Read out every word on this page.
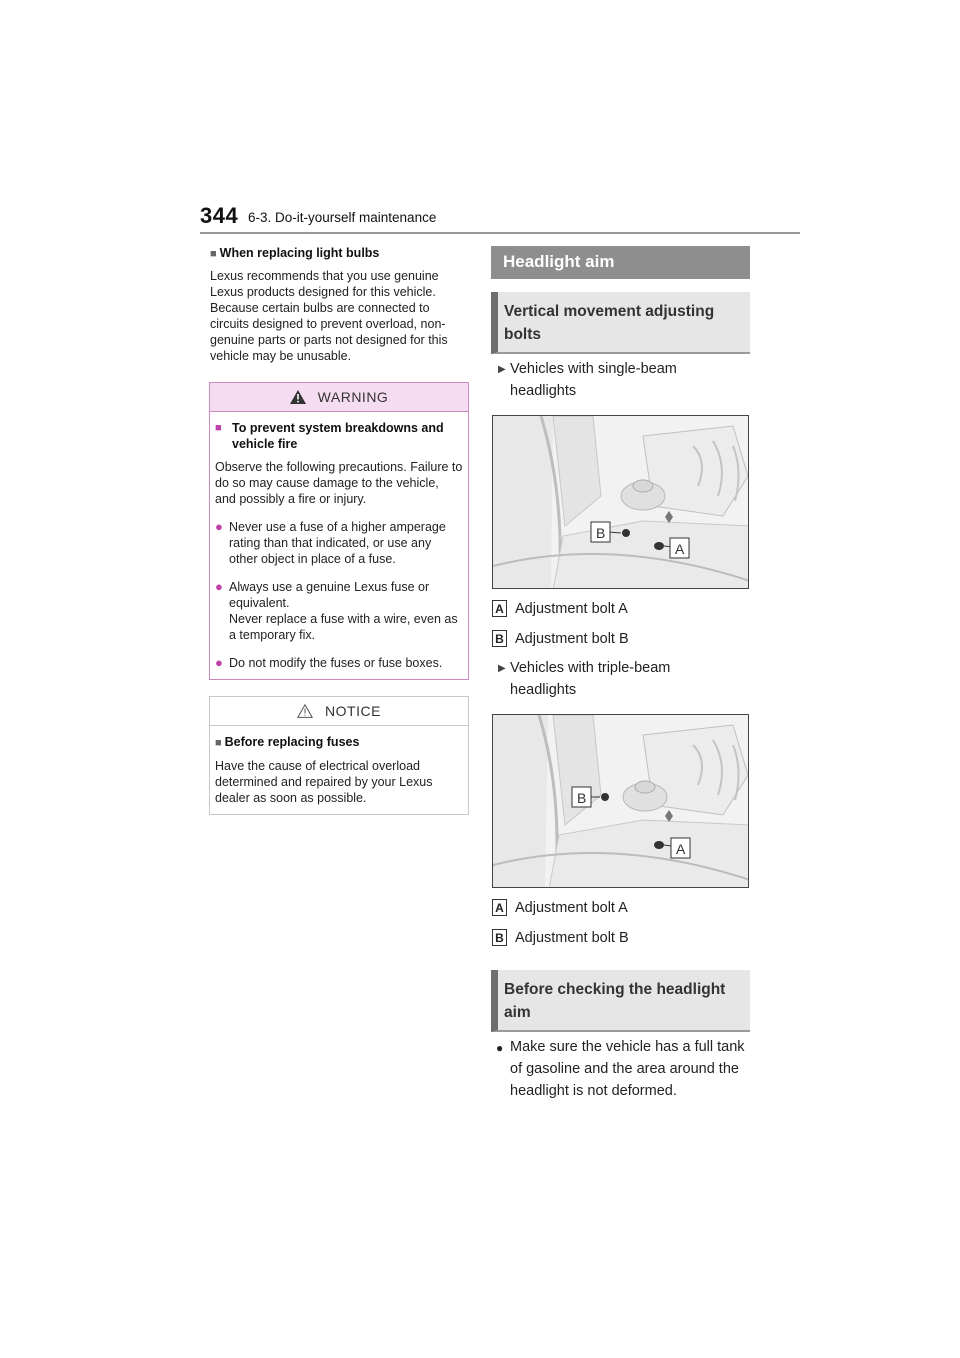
344 6-3. Do-it-yourself maintenance
■ When replacing light bulbs
Lexus recommends that you use genuine Lexus products designed for this vehicle. Because certain bulbs are connected to circuits designed to prevent overload, non-genuine parts or parts not designed for this vehicle may be unusable.
WARNING
■ To prevent system breakdowns and vehicle fire
Observe the following precautions. Failure to do so may cause damage to the vehicle, and possibly a fire or injury.
● Never use a fuse of a higher amperage rating than that indicated, or use any other object in place of a fuse.
● Always use a genuine Lexus fuse or equivalent.
Never replace a fuse with a wire, even as a temporary fix.
● Do not modify the fuses or fuse boxes.
NOTICE
■ Before replacing fuses
Have the cause of electrical overload determined and repaired by your Lexus dealer as soon as possible.
Headlight aim
Vertical movement adjusting bolts
▶ Vehicles with single-beam headlights
B
A
A Adjustment bolt A
B Adjustment bolt B
▶ Vehicles with triple-beam headlights
B
A
A Adjustment bolt A
B Adjustment bolt B
Before checking the headlight aim
● Make sure the vehicle has a full tank of gasoline and the area around the headlight is not deformed.
